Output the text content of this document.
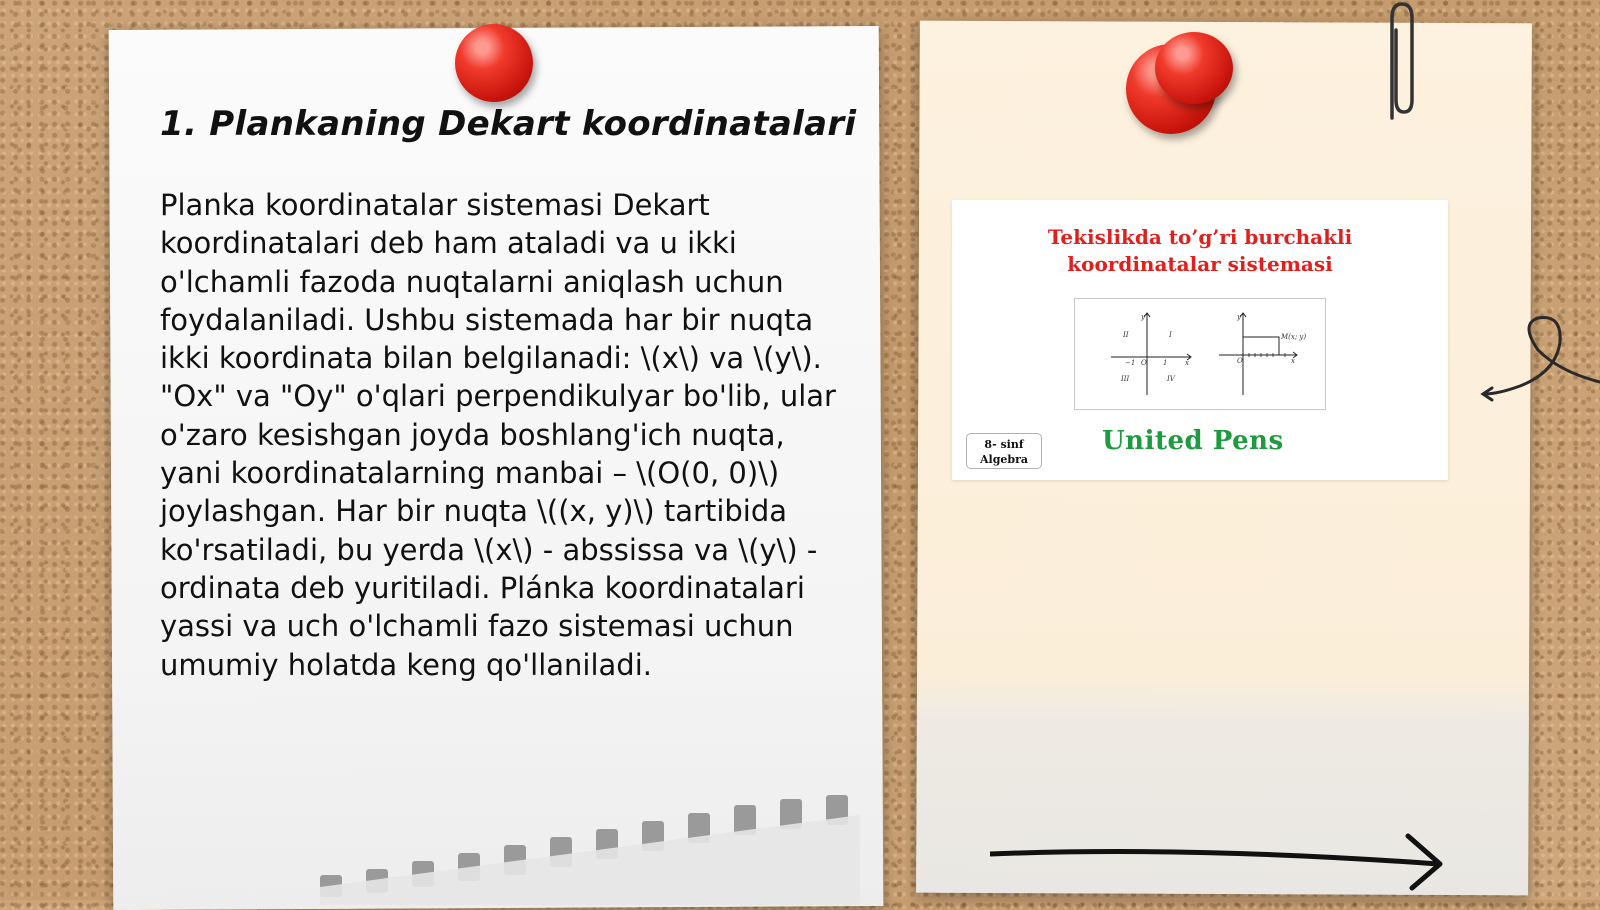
1. Plankaning Dekart koordinatalari

Planka koordinatalar sistemasi Dekart koordinatalari deb ham ataladi va u ikki o'lchamli fazoda nuqtalarni aniqlash uchun foydalaniladi. Ushbu sistemada har bir nuqta ikki koordinata bilan belgilanadi: \(x\) va \(y\). "Ox" va "Oy" o'qlari perpendikulyar bo'lib, ular o'zaro kesishgan joyda boshlang'ich nuqta, yani koordinatalarning manbai – \(O(0, 0)\) joylashgan. Har bir nuqta \((x, y)\) tartibida ko'rsatiladi, bu yerda \(x\) - abssissa va \(y\) - ordinata deb yuritiladi. Plánka koordinatalari yassi va uch o'lchamli fazo sistemasi uchun umumiy holatda keng qo'llaniladi.

Tekislikda to’g’ri burchakli
koordinatalar sistemasi
II	I
III	IV
O
y
x
1
−1	O
y
x
M(x; y)
8- sinf
Algebra
United Pens
